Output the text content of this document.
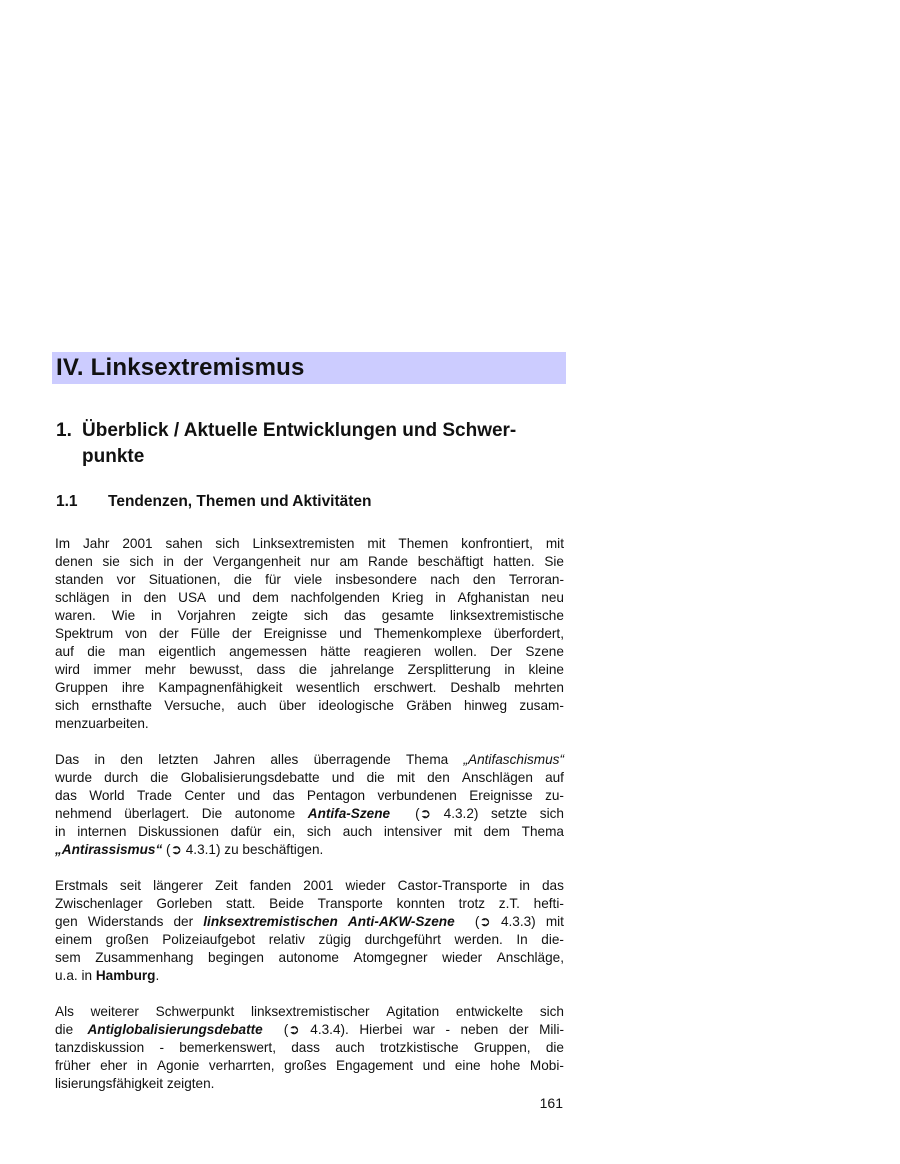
IV. Linksextremismus
1. Überblick / Aktuelle Entwicklungen und Schwer-
punkte
1.1 Tendenzen, Themen und Aktivitäten
Im Jahr 2001 sahen sich Linksextremisten mit Themen konfrontiert, mit
denen sie sich in der Vergangenheit nur am Rande beschäftigt hatten. Sie
standen vor Situationen, die für viele insbesondere nach den Terroran-
schlägen in den USA und dem nachfolgenden Krieg in Afghanistan neu
waren. Wie in Vorjahren zeigte sich das gesamte linksextremistische
Spektrum von der Fülle der Ereignisse und Themenkomplexe überfordert,
auf die man eigentlich angemessen hätte reagieren wollen. Der Szene
wird immer mehr bewusst, dass die jahrelange Zersplitterung in kleine
Gruppen ihre Kampagnenfähigkeit wesentlich erschwert. Deshalb mehrten
sich ernsthafte Versuche, auch über ideologische Gräben hinweg zusam-
menzuarbeiten.
Das in den letzten Jahren alles überragende Thema „Antifaschismus“
wurde durch die Globalisierungsdebatte und die mit den Anschlägen auf
das World Trade Center und das Pentagon verbundenen Ereignisse zu-
nehmend überlagert. Die autonome Antifa-Szene (➲ 4.3.2) setzte sich
in internen Diskussionen dafür ein, sich auch intensiver mit dem Thema
„Antirassismus“ (➲ 4.3.1) zu beschäftigen.
Erstmals seit längerer Zeit fanden 2001 wieder Castor-Transporte in das
Zwischenlager Gorleben statt. Beide Transporte konnten trotz z.T. hefti-
gen Widerstands der linksextremistischen Anti-AKW-Szene (➲ 4.3.3) mit
einem großen Polizeiaufgebot relativ zügig durchgeführt werden. In die-
sem Zusammenhang begingen autonome Atomgegner wieder Anschläge,
u.a. in Hamburg .
Als weiterer Schwerpunkt linksextremistischer Agitation entwickelte sich
die Antiglobalisierungsdebatte (➲ 4.3.4). Hierbei war - neben der Mili-
tanzdiskussion - bemerkenswert, dass auch trotzkistische Gruppen, die
früher eher in Agonie verharrten, großes Engagement und eine hohe Mobi-
lisierungsfähigkeit zeigten.
161
